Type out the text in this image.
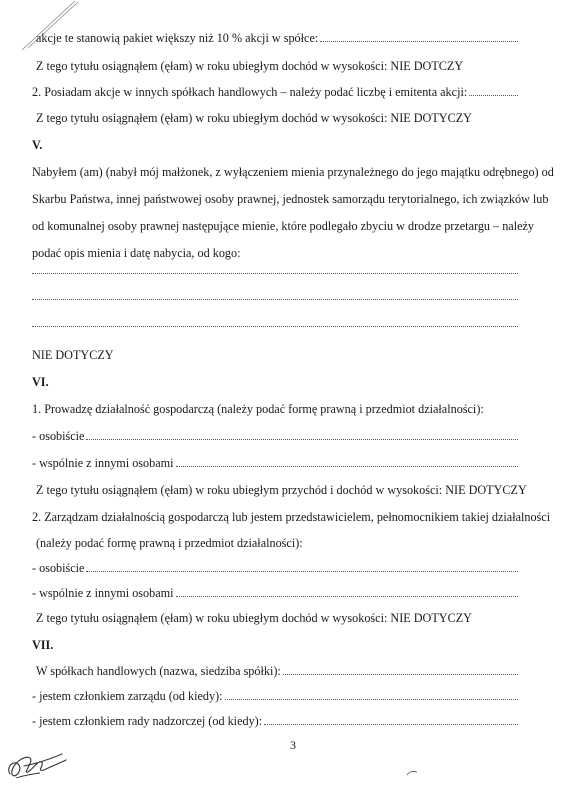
akcje te stanowią pakiet większy niż 10 % akcji w spółce:
Z tego tytułu osiągnąłem (ęłam) w roku ubiegłym dochód w wysokości: NIE DOTCZY
2. Posiadam akcje w innych spółkach handlowych – należy podać liczbę i emitenta akcji:
Z tego tytułu osiągnąłem (ęłam) w roku ubiegłym dochód w wysokości: NIE DOTYCZY
V.
Nabyłem (am) (nabył mój małżonek, z wyłączeniem mienia przynależnego do jego majątku odrębnego) od
Skarbu Państwa, innej państwowej osoby prawnej, jednostek samorządu terytorialnego, ich związków lub
od komunalnej osoby prawnej następujące mienie, które podlegało zbyciu w drodze przetargu – należy
podać opis mienia i datę nabycia, od kogo:
NIE DOTYCZY
VI.
1. Prowadzę działalność gospodarczą (należy podać formę prawną i przedmiot działalności):
- osobiście
- wspólnie z innymi osobami
Z tego tytułu osiągnąłem (ęłam) w roku ubiegłym przychód i dochód w wysokości: NIE DOTYCZY
2. Zarządzam działalnością gospodarczą lub jestem przedstawicielem, pełnomocnikiem takiej działalności
(należy podać formę prawną i przedmiot działalności):
- osobiście
- wspólnie z innymi osobami
Z tego tytułu osiągnąłem (ęłam) w roku ubiegłym dochód w wysokości: NIE DOTYCZY
VII.
W spółkach handlowych (nazwa, siedziba spółki):
- jestem członkiem zarządu (od kiedy):
- jestem członkiem rady nadzorczej (od kiedy):
3
